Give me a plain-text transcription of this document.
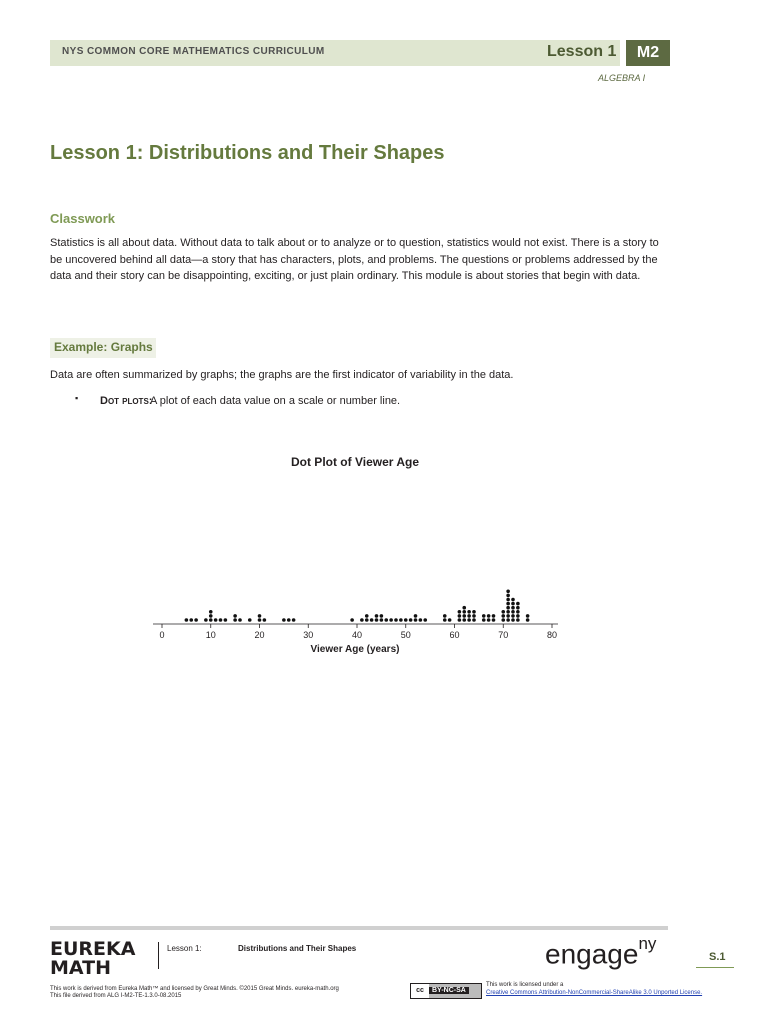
NYS COMMON CORE MATHEMATICS CURRICULUM	Lesson 1	M2
ALGEBRA I
Lesson 1: Distributions and Their Shapes
Classwork
Statistics is all about data. Without data to talk about or to analyze or to question, statistics would not exist. There is a story to be uncovered behind all data—a story that has characters, plots, and problems. The questions or problems addressed by the data and their story can be disappointing, exciting, or just plain ordinary. This module is about stories that begin with data.
Example: Graphs
Data are often summarized by graphs; the graphs are the first indicator of variability in the data.
▪ Dot plots:
A plot of each data value on a scale or number line.
Dot Plot of Viewer Age
0	10	20	30	40	50	60	70	80
Viewer Age (years)
EUREKA
MATH
Lesson 1:	Distributions and Their Shapes	engage$^{ny}$
S.1
This work is derived from Eureka Math™ and licensed by Great Minds. ©2015 Great Minds. eureka-math.org
This file derived from ALG I-M2-TE-1.3.0-08.2015
cc BY-NC-SA
This work is licensed under a
Creative Commons Attribution-NonCommercial-ShareAlike 3.0 Unported License.
